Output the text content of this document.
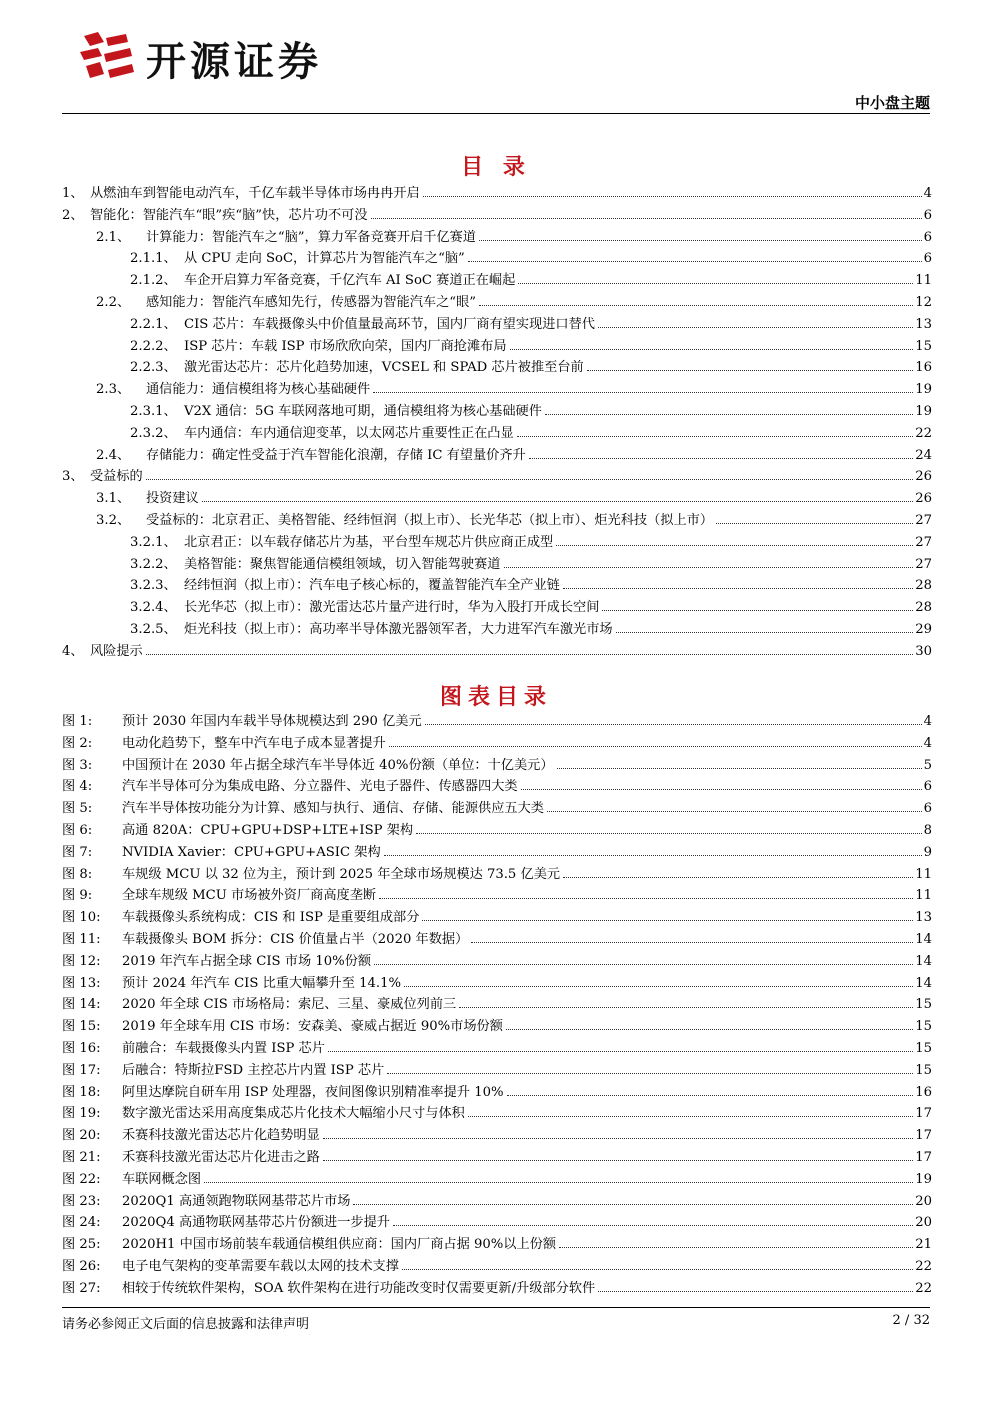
开源证券
中小盘主题
目 录
1、 从燃油车到智能电动汽车，千亿车载半导体市场冉冉开启	4
2、 智能化：智能汽车“眼”疾“脑”快，芯片功不可没	6
2.1、	计算能力：智能汽车之“脑”，算力军备竞赛开启千亿赛道	6
2.1.1、 从 CPU 走向 SoC，计算芯片为智能汽车之“脑”	6
2.1.2、 车企开启算力军备竞赛，千亿汽车 AI SoC 赛道正在崛起	11
2.2、	感知能力：智能汽车感知先行，传感器为智能汽车之“眼”	12
2.2.1、 CIS 芯片：车载摄像头中价值量最高环节，国内厂商有望实现进口替代	13
2.2.2、 ISP 芯片：车载 ISP 市场欣欣向荣，国内厂商抢滩布局	15
2.2.3、 激光雷达芯片：芯片化趋势加速，VCSEL 和 SPAD 芯片被推至台前	16
2.3、	通信能力：通信模组将为核心基础硬件	19
2.3.1、 V2X 通信：5G 车联网落地可期，通信模组将为核心基础硬件	19
2.3.2、 车内通信：车内通信迎变革，以太网芯片重要性正在凸显	22
2.4、	存储能力：确定性受益于汽车智能化浪潮，存储 IC 有望量价齐升	24
3、 受益标的	26
3.1、	投资建议	26
3.2、	受益标的：北京君正、美格智能、经纬恒润（拟上市）、长光华芯（拟上市）、炬光科技（拟上市）	27
3.2.1、 北京君正：以车载存储芯片为基，平台型车规芯片供应商正成型	27
3.2.2、 美格智能：聚焦智能通信模组领域，切入智能驾驶赛道	27
3.2.3、 经纬恒润（拟上市）：汽车电子核心标的，覆盖智能汽车全产业链	28
3.2.4、 长光华芯（拟上市）：激光雷达芯片量产进行时，华为入股打开成长空间	28
3.2.5、 炬光科技（拟上市）：高功率半导体激光器领军者，大力进军汽车激光市场	29
4、 风险提示	30
图表目录
图 1:	预计 2030 年国内车载半导体规模达到 290 亿美元	4
图 2:	电动化趋势下，整车中汽车电子成本显著提升	4
图 3:	中国预计在 2030 年占据全球汽车半导体近 40%份额（单位：十亿美元）	5
图 4:	汽车半导体可分为集成电路、分立器件、光电子器件、传感器四大类	6
图 5:	汽车半导体按功能分为计算、感知与执行、通信、存储、能源供应五大类	6
图 6:	高通 820A：CPU+GPU+DSP+LTE+ISP 架构	8
图 7:	NVIDIA Xavier：CPU+GPU+ASIC 架构	9
图 8:	车规级 MCU 以 32 位为主，预计到 2025 年全球市场规模达 73.5 亿美元	11
图 9:	全球车规级 MCU 市场被外资厂商高度垄断	11
图 10:	车载摄像头系统构成：CIS 和 ISP 是重要组成部分	13
图 11:	车载摄像头 BOM 拆分：CIS 价值量占半（2020 年数据）	14
图 12:	2019 年汽车占据全球 CIS 市场 10%份额	14
图 13:	预计 2024 年汽车 CIS 比重大幅攀升至 14.1%	14
图 14:	2020 年全球 CIS 市场格局：索尼、三星、豪威位列前三	15
图 15:	2019 年全球车用 CIS 市场：安森美、豪威占据近 90%市场份额	15
图 16:	前融合：车载摄像头内置 ISP 芯片	15
图 17:	后融合：特斯拉FSD 主控芯片内置 ISP 芯片	15
图 18:	阿里达摩院自研车用 ISP 处理器，夜间图像识别精准率提升 10%	16
图 19:	数字激光雷达采用高度集成芯片化技术大幅缩小尺寸与体积	17
图 20:	禾赛科技激光雷达芯片化趋势明显	17
图 21:	禾赛科技激光雷达芯片化进击之路	17
图 22:	车联网概念图	19
图 23:	2020Q1 高通领跑物联网基带芯片市场	20
图 24:	2020Q4 高通物联网基带芯片份额进一步提升	20
图 25:	2020H1 中国市场前装车载通信模组供应商：国内厂商占据 90%以上份额	21
图 26:	电子电气架构的变革需要车载以太网的技术支撑	22
图 27:	相较于传统软件架构，SOA 软件架构在进行功能改变时仅需要更新/升级部分软件	22
请务必参阅正文后面的信息披露和法律声明	2 / 32
